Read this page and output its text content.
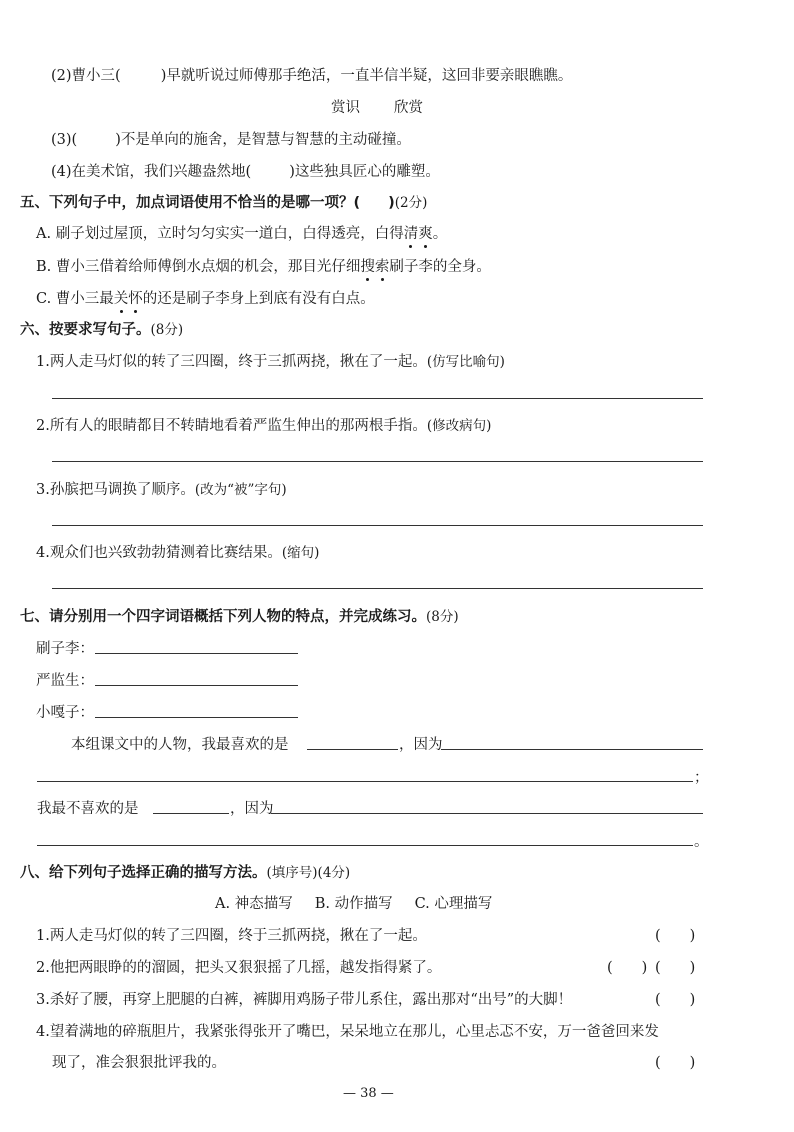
(2)曹小三(	)早就听说过师傅那手绝活，一直半信半疑，这回非要亲眼瞧瞧。
赏识 欣赏
(3)(	)不是单向的施舍，是智慧与智慧的主动碰撞。
(4)在美术馆，我们兴趣盎然地(	)这些独具匠心的雕塑。
五、下列句子中，加点词语使用不恰当的是哪一项？( )(2分)
A. 刷子划过屋顶，立时匀匀实实一道白，白得透亮，白得清爽。
B. 曹小三借着给师傅倒水点烟的机会，那目光仔细搜索刷子李的全身。
C. 曹小三最关怀的还是刷子李身上到底有没有白点。
六、按要求写句子。(8分)
1.两人走马灯似的转了三四圈，终于三抓两挠，揪在了一起。(仿写比喻句)
2.所有人的眼睛都目不转睛地看着严监生伸出的那两根手指。(修改病句)
3.孙膑把马调换了顺序。(改为“被”字句)
4.观众们也兴致勃勃猜测着比赛结果。(缩句)
七、请分别用一个四字词语概括下列人物的特点，并完成练习。(8分)
刷子李：
严监生：
小嘎子：
本组课文中的人物，我最喜欢的是	，因为
；
我最不喜欢的是	，因为
。
八、给下列句子选择正确的描写方法。(填序号)(4分)
A. 神态描写 B. 动作描写 C. 心理描写
1.两人走马灯似的转了三四圈，终于三抓两挠，揪在了一起。	(　　)
2.他把两眼睁的的溜圆，把头又狠狠摇了几摇，越发指得紧了。	(　　) (　　)
3.杀好了腰，再穿上肥腿的白裤，裤脚用鸡肠子带儿系住，露出那对“出号”的大脚！	(　　)
4.望着满地的碎瓶胆片，我紧张得张开了嘴巴，呆呆地立在那儿，心里忐忑不安，万一爸爸回来发
现了，准会狠狠批评我的。	(　　)
— 38 —
